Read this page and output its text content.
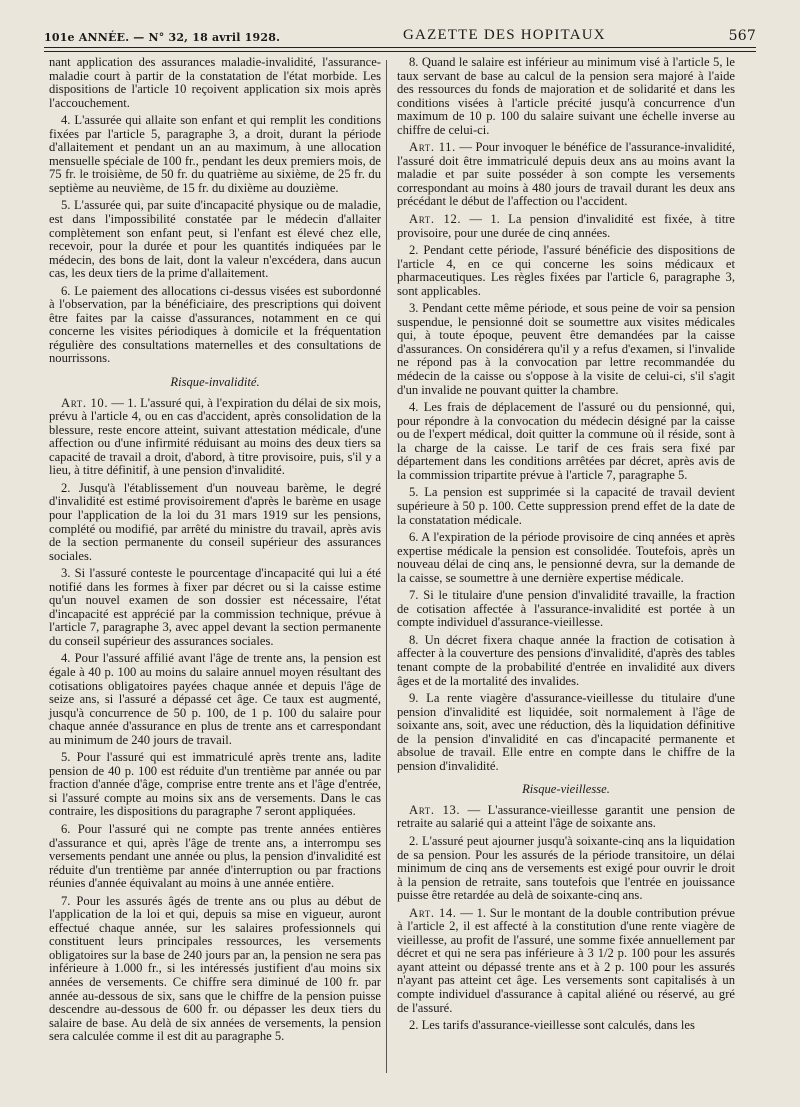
101e ANNÉE. — N° 32, 18 avril 1928.	GAZETTE DES HOPITAUX	567

nant application des assurances maladie-invalidité, l'assurance-maladie court à partir de la constatation de l'état morbide. Les dispositions de l'article 10 reçoivent application six mois après l'accouchement.

4. L'assurée qui allaite son enfant et qui remplit les conditions fixées par l'article 5, paragraphe 3, a droit, durant la période d'allaitement et pendant un an au maximum, à une allocation mensuelle spéciale de 100 fr., pendant les deux premiers mois, de 75 fr. le troisième, de 50 fr. du quatrième au sixième, de 25 fr. du septième au neuvième, de 15 fr. du dixième au douzième.

5. L'assurée qui, par suite d'incapacité physique ou de maladie, est dans l'impossibilité constatée par le médecin d'allaiter complètement son enfant peut, si l'enfant est élevé chez elle, recevoir, pour la durée et pour les quantités indiquées par le médecin, des bons de lait, dont la valeur n'excédera, dans aucun cas, les deux tiers de la prime d'allaitement.

6. Le paiement des allocations ci-dessus visées est subordonné à l'observation, par la bénéficiaire, des prescriptions qui doivent être faites par la caisse d'assurances, notamment en ce qui concerne les visites périodiques à domicile et la fréquentation régulière des consultations maternelles et des consultations de nourrissons.

Risque-invalidité.

Art. 10. — 1. L'assuré qui, à l'expiration du délai de six mois, prévu à l'article 4, ou en cas d'accident, après consolidation de la blessure, reste encore atteint, suivant attestation médicale, d'une affection ou d'une infirmité réduisant au moins des deux tiers sa capacité de travail a droit, d'abord, à titre provisoire, puis, s'il y a lieu, à titre définitif, à une pension d'invalidité.

2. Jusqu'à l'établissement d'un nouveau barème, le degré d'invalidité est estimé provisoirement d'après le barème en usage pour l'application de la loi du 31 mars 1919 sur les pensions, complété ou modifié, par arrêté du ministre du travail, après avis de la section permanente du conseil supérieur des assurances sociales.

3. Si l'assuré conteste le pourcentage d'incapacité qui lui a été notifié dans les formes à fixer par décret ou si la caisse estime qu'un nouvel examen de son dossier est nécessaire, l'état d'incapacité est apprécié par la commission technique, prévue à l'article 7, paragraphe 3, avec appel devant la section permanente du conseil supérieur des assurances sociales.

4. Pour l'assuré affilié avant l'âge de trente ans, la pension est égale à 40 p. 100 au moins du salaire annuel moyen résultant des cotisations obligatoires payées chaque année et depuis l'âge de seize ans, si l'assuré a dépassé cet âge. Ce taux est augmenté, jusqu'à concurrence de 50 p. 100, de 1 p. 100 du salaire pour chaque année d'assurance en plus de trente ans et carrespondant au minimum de 240 jours de travail.

5. Pour l'assuré qui est immatriculé après trente ans, ladite pension de 40 p. 100 est réduite d'un trentième par année ou par fraction d'année d'âge, comprise entre trente ans et l'âge d'entrée, si l'assuré compte au moins six ans de versements. Dans le cas contraire, les dispositions du paragraphe 7 seront appliquées.

6. Pour l'assuré qui ne compte pas trente années entières d'assurance et qui, après l'âge de trente ans, a interrompu ses versements pendant une année ou plus, la pension d'invalidité est réduite d'un trentième par année d'interruption ou par fractions réunies d'année équivalant au moins à une année entière.

7. Pour les assurés âgés de trente ans ou plus au début de l'application de la loi et qui, depuis sa mise en vigueur, auront effectué chaque année, sur les salaires professionnels qui constituent leurs principales ressources, les versements obligatoires sur la base de 240 jours par an, la pension ne sera pas inférieure à 1.000 fr., si les intéressés justifient d'au moins six années de versements. Ce chiffre sera diminué de 100 fr. par année au-dessous de six, sans que le chiffre de la pension puisse descendre au-dessous de 600 fr. ou dépasser les deux tiers du salaire de base. Au delà de six années de versements, la pension sera calculée comme il est dit au paragraphe 5.

8. Quand le salaire est inférieur au minimum visé à l'article 5, le taux servant de base au calcul de la pension sera majoré à l'aide des ressources du fonds de majoration et de solidarité et dans les conditions visées à l'article précité jusqu'à concurrence d'un maximum de 10 p. 100 du salaire suivant une échelle inverse au chiffre de celui-ci.

Art. 11. — Pour invoquer le bénéfice de l'assurance-invalidité, l'assuré doit être immatriculé depuis deux ans au moins avant la maladie et par suite posséder à son compte les versements correspondant au moins à 480 jours de travail durant les deux ans précédant le début de l'affection ou l'accident.

Art. 12. — 1. La pension d'invalidité est fixée, à titre provisoire, pour une durée de cinq années.

2. Pendant cette période, l'assuré bénéficie des dispositions de l'article 4, en ce qui concerne les soins médicaux et pharmaceutiques. Les règles fixées par l'article 6, paragraphe 3, sont applicables.

3. Pendant cette même période, et sous peine de voir sa pension suspendue, le pensionné doit se soumettre aux visites médicales qui, à toute époque, peuvent être demandées par la caisse d'assurances. On considérera qu'il y a refus d'examen, si l'invalide ne répond pas à la convocation par lettre recommandée du médecin de la caisse ou s'oppose à la visite de celui-ci, s'il s'agit d'un invalide ne pouvant quitter la chambre.

4. Les frais de déplacement de l'assuré ou du pensionné, qui, pour répondre à la convocation du médecin désigné par la caisse ou de l'expert médical, doit quitter la commune où il réside, sont à la charge de la caisse. Le tarif de ces frais sera fixé par département dans les conditions arrêtées par décret, après avis de la commission tripartite prévue à l'article 7, paragraphe 5.

5. La pension est supprimée si la capacité de travail devient supérieure à 50 p. 100. Cette suppression prend effet de la date de la constatation médicale.

6. A l'expiration de la période provisoire de cinq années et après expertise médicale la pension est consolidée. Toutefois, après un nouveau délai de cinq ans, le pensionné devra, sur la demande de la caisse, se soumettre à une dernière expertise médicale.

7. Si le titulaire d'une pension d'invalidité travaille, la fraction de cotisation affectée à l'assurance-invalidité est portée à un compte individuel d'assurance-vieillesse.

8. Un décret fixera chaque année la fraction de cotisation à affecter à la couverture des pensions d'invalidité, d'après des tables tenant compte de la probabilité d'entrée en invalidité aux divers âges et de la mortalité des invalides.

9. La rente viagère d'assurance-vieillesse du titulaire d'une pension d'invalidité est liquidée, soit normalement à l'âge de soixante ans, soit, avec une réduction, dès la liquidation définitive de la pension d'invalidité en cas d'incapacité permanente et absolue de travail. Elle entre en compte dans le chiffre de la pension d'invalidité.

Risque-vieillesse.

Art. 13. — L'assurance-vieillesse garantit une pension de retraite au salarié qui a atteint l'âge de soixante ans.

2. L'assuré peut ajourner jusqu'à soixante-cinq ans la liquidation de sa pension. Pour les assurés de la période transitoire, un délai minimum de cinq ans de versements est exigé pour ouvrir le droit à la pension de retraite, sans toutefois que l'entrée en jouissance puisse être retardée au delà de soixante-cinq ans.

Art. 14. — 1. Sur le montant de la double contribution prévue à l'article 2, il est affecté à la constitution d'une rente viagère de vieillesse, au profit de l'assuré, une somme fixée annuellement par décret et qui ne sera pas inférieure à 3 1/2 p. 100 pour les assurés ayant atteint ou dépassé trente ans et à 2 p. 100 pour les assurés n'ayant pas atteint cet âge. Les versements sont capitalisés à un compte individuel d'assurance à capital aliéné ou réservé, au gré de l'assuré.

2. Les tarifs d'assurance-vieillesse sont calculés, dans les
